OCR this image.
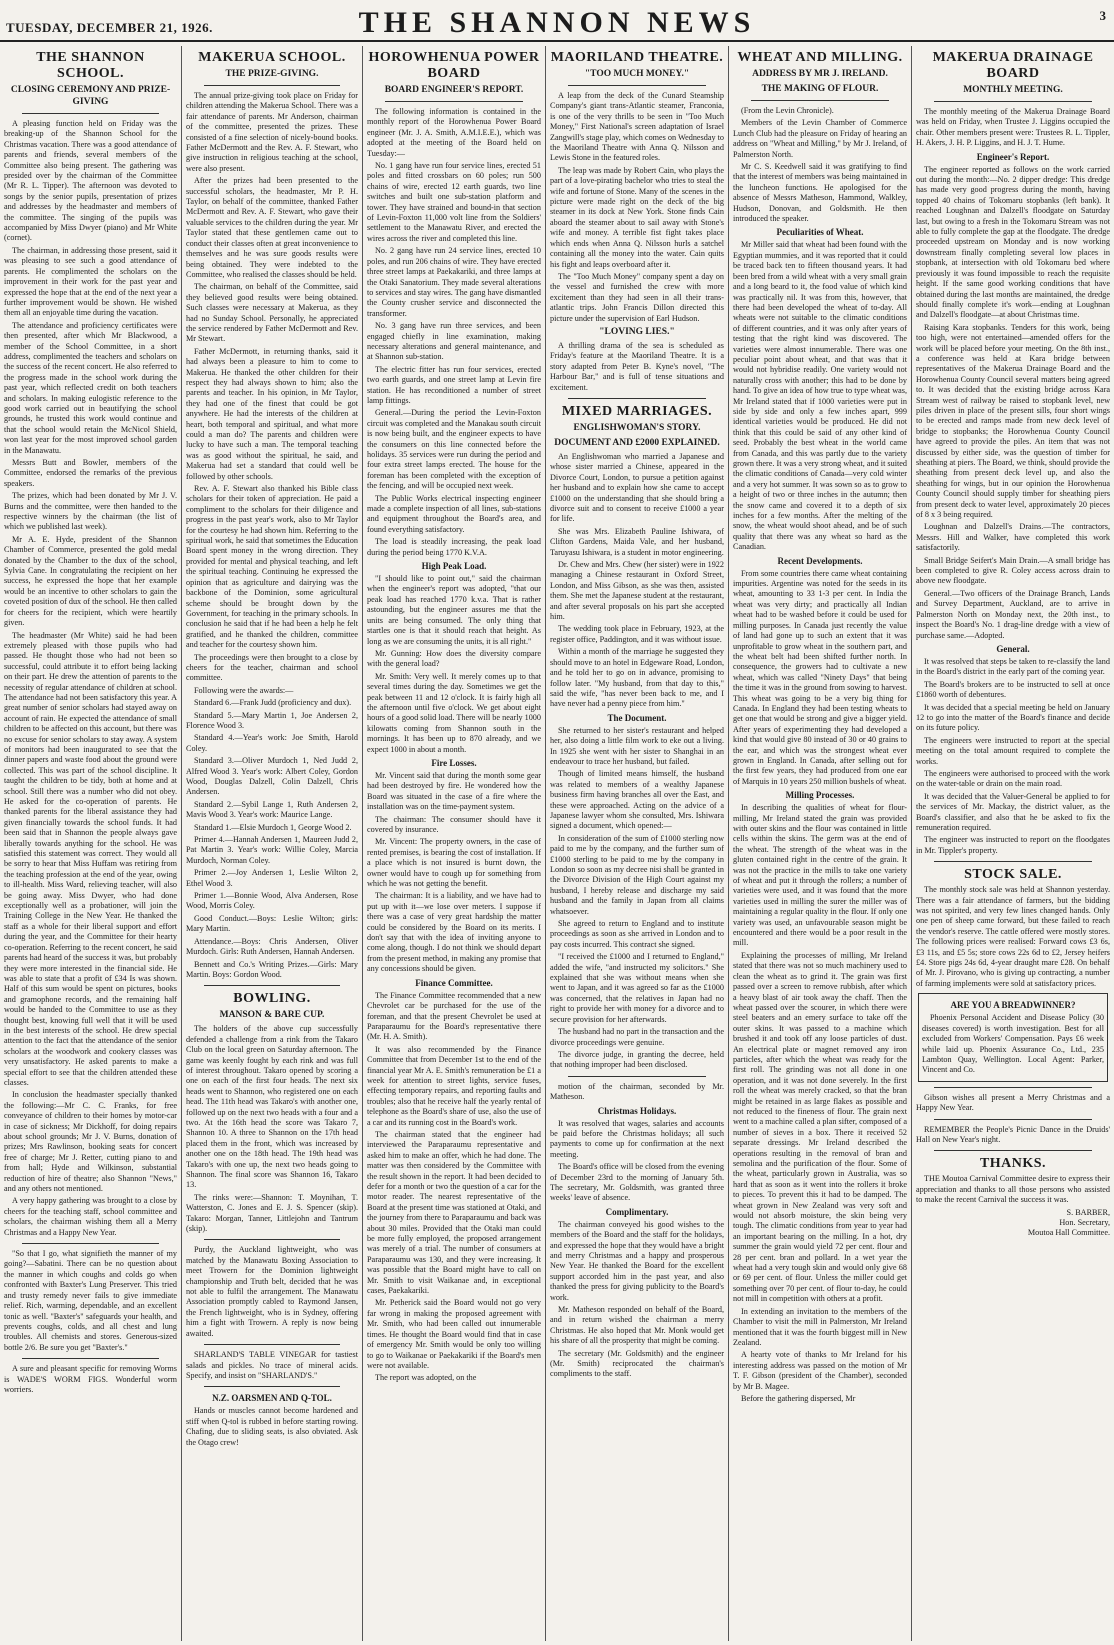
TUESDAY, DECEMBER 21, 1926.	THE SHANNON NEWS	3
THE SHANNON SCHOOL.
CLOSING CEREMONY AND PRIZE-GIVING

A pleasing function held on Friday was the breaking-up of the Shannon School for the Christmas vacation. There was a good attendance of parents and friends, several members of the Committee also being present. The gathering was presided over by the chairman of the Committee (Mr R. L. Tipper). The afternoon was devoted to songs by the senior pupils, presentation of prizes and addresses by the headmaster and members of the committee. The singing of the pupils was accompanied by Miss Dwyer (piano) and Mr White (cornet).

The chairman, in addressing those present, said it was pleasing to see such a good attendance of parents. He complimented the scholars on the improvement in their work for the past year and expressed the hope that at the end of the next year a further improvement would be shown. He wished them all an enjoyable time during the vacation.

The attendance and proficiency certificates were then presented, after which Mr Blackwood, a member of the School Committee, in a short address, complimented the teachers and scholars on the success of the recent concert. He also referred to the progress made in the school work during the past year, which reflected credit on both teachers and scholars. In making eulogistic reference to the good work carried out in beautifying the school grounds, he trusted this work would continue and that the school would retain the McNicol Shield, won last year for the most improved school garden in the Manawatu.

Messrs Butt and Bowler, members of the Committee, endorsed the remarks of the previous speakers.

The prizes, which had been donated by Mr J. V. Burns and the committee, were then handed to the respective winners by the chairman (the list of which we published last week).

Mr A. E. Hyde, president of the Shannon Chamber of Commerce, presented the gold medal donated by the Chamber to the dux of the school, Sylvia Cane. In congratulating the recipient on her success, he expressed the hope that her example would be an incentive to other scholars to gain the coveted position of dux of the school. He then called for cheers for the recipient, which were heartily given.

The headmaster (Mr White) said he had been extremely pleased with those pupils who had passed. He thought those who had not been so successful, could attribute it to effort being lacking on their part. He drew the attention of parents to the necessity of regular attendance of children at school. The attendance had not been satisfactory this year. A great number of senior scholars had stayed away on account of rain. He expected the attendance of small children to be affected on this account, but there was no excuse for senior scholars to stay away. A system of monitors had been inaugurated to see that the dinner papers and waste food about the ground were collected. This was part of the school discipline. It taught the children to be tidy, both at home and at school. Still there was a number who did not obey. He asked for the co-operation of parents. He thanked parents for the liberal assistance they had given financially towards the school funds. It had been said that in Shannon the people always gave liberally towards anything for the school. He was satisfied this statement was correct. They would all be sorry to hear that Miss Huffam was retiring from the teaching profession at the end of the year, owing to ill-health. Miss Ward, relieving teacher, will also be going away. Miss Dwyer, who had done exceptionally well as a probationer, will join the Training College in the New Year. He thanked the staff as a whole for their liberal support and effort during the year, and the Committee for their hearty co-operation. Referring to the recent concert, he said parents had heard of the success it was, but probably they were more interested in the financial side. He was able to state that a profit of £34 Is was shown. Half of this sum would be spent on pictures, books and gramophone records, and the remaining half would be handed to the Committee to use as they thought best, knowing full well that it will be used in the best interests of the school. He drew special attention to the fact that the attendance of the senior scholars at the woodwork and cookery classes was very unsatisfactory. He asked parents to make a special effort to see that the children attended these classes.

In conclusion the headmaster specially thanked the following:—Mr C. C. Franks, for free conveyance of children to their homes by motor-car in case of sickness; Mr Dickhoff, for doing repairs about school grounds; Mr J. V. Burns, donation of prizes; Mrs Rawlinson, booking seats for concert free of charge; Mr J. Retter, cutting piano to and from hall; Hyde and Wilkinson, substantial reduction of hire of theatre; also Shannon "News," and any others not mentioned.

A very happy gathering was brought to a close by cheers for the teaching staff, school committee and scholars, the chairman wishing them all a Merry Christmas and a Happy New Year.

"So that I go, what signifieth the manner of my going?—Sabatini. There can be no question about the manner in which coughs and colds go when confronted with Baxter's Lung Preserver. This tried and trusty remedy never fails to give immediate relief. Rich, warming, dependable, and an excellent tonic as well. "Baxter's" safeguards your health, and prevents coughs, colds, and all chest and lung troubles. All chemists and stores. Generous-sized bottle 2/6. Be sure you get "Baxter's."

A sure and pleasant specific for removing Worms is WADE'S WORM FIGS. Wonderful worm worriers.

MAKERUA SCHOOL.
THE PRIZE-GIVING.

The annual prize-giving took place on Friday for children attending the Makerua School. There was a fair attendance of parents. Mr Anderson, chairman of the committee, presented the prizes. These consisted of a fine selection of nicely-bound books. Father McDermott and the Rev. A. F. Stewart, who give instruction in religious teaching at the school, were also present.

After the prizes had been presented to the successful scholars, the headmaster, Mr P. H. Taylor, on behalf of the committee, thanked Father McDermott and Rev. A. F. Stewart, who gave their valuable services to the children during the year. Mr Taylor stated that these gentlemen came out to conduct their classes often at great inconvenience to themselves and he was sure goods results were being obtained. They were indebted to the Committee, who realised the classes should be held.

The chairman, on behalf of the Committee, said they believed good results were being obtained. Such classes were necessary at Makerua, as they had no Sunday School. Personally, he appreciated the service rendered by Father McDermott and Rev. Mr Stewart.

Father McDermott, in returning thanks, said it had always been a pleasure to him to come to Makerua. He thanked the other children for their respect they had always shown to him; also the parents and teacher. In his opinion, in Mr Taylor, they had one of the finest that could be got anywhere. He had the interests of the children at heart, both temporal and spiritual, and what more could a man do? The parents and children were lucky to have such a man. The temporal teaching was as good without the spiritual, he said, and Makerua had set a standard that could well be followed by other schools.

Rev. A. F. Stewart also thanked his Bible class scholars for their token of appreciation. He paid a compliment to the scholars for their diligence and progress in the past year's work, also to Mr Taylor for the courtesy he had shown him. Referring to the spiritual work, he said that sometimes the Education Board spent money in the wrong direction. They provided for mental and physical teaching, and left the spiritual teaching. Continuing he expressed the opinion that as agriculture and dairying was the backbone of the Dominion, some agricultural scheme should be brought down by the Government, for teaching in the primary schools. In conclusion he said that if he had been a help he felt gratified, and he thanked the children, committee and teacher for the courtesy shown him.

The proceedings were then brought to a close by cheers for the teacher, chairman and school committee.

Following were the awards:—

Standard 6.—Frank Judd (proficiency and dux).

Standard 5.—Mary Martin 1, Joe Andersen 2, Florence Wood 3.

Standard 4.—Year's work: Joe Smith, Harold Coley.

Standard 3.—Oliver Murdoch 1, Ned Judd 2, Alfred Wood 3. Year's work: Albert Coley, Gordon Wood, Douglas Dalzell, Colin Dalzell, Chris Andersen.

Standard 2.—Sybil Lange 1, Ruth Andersen 2, Mavis Wood 3. Year's work: Maurice Lange.

Standard 1.—Elsie Murdoch 1, George Wood 2.

Primer 4.—Hannah Andersen 1, Maureen Judd 2, Pat Martin 3. Year's work: Willie Coley, Marcia Murdoch, Norman Coley.

Primer 2.—Joy Andersen 1, Leslie Wilton 2, Ethel Wood 3.

Primer 1.—Bonnie Wood, Alva Andersen, Rose Wood, Morris Coley.

Good Conduct.—Boys: Leslie Wilton; girls: Mary Martin.

Attendance.—Boys: Chris Andersen, Oliver Murdoch. Girls: Ruth Andersen, Hannah Andersen.

Bennett and Co.'s Writing Prizes.—Girls: Mary Martin. Boys: Gordon Wood.

BOWLING.
MANSON & BARE CUP.

The holders of the above cup successfully defended a challenge from a rink from the Takaro Club on the local green on Saturday afternoon. The game was keenly fought by each rink and was full of interest throughout. Takaro opened by scoring a one on each of the first four heads. The next six heads went to Shannon, who registered one on each head. The 11th head was Takaro's with another one, followed up on the next two heads with a four and a two. At the 16th head the score was Takaro 7, Shannon 10. A three to Shannon on the 17th head placed them in the front, which was increased by another one on the 18th head. The 19th head was Takaro's with one up, the next two heads going to Shannon. The final score was Shannon 16, Takaro 13.

The rinks were:—Shannon: T. Moynihan, T. Watterston, C. Jones and E. J. S. Spencer (skip). Takaro: Morgan, Tanner, Littlejohn and Tantrum (skip).

Purdy, the Auckland lightweight, who was matched by the Manawatu Boxing Association to meet Trowern for the Dominion lightweight championship and Truth belt, decided that he was not able to fulfil the arrangement. The Manawatu Association promptly cabled to Raymond Jansen, the French lightweight, who is in Sydney, offering him a fight with Trowern. A reply is now being awaited.

SHARLAND'S TABLE VINEGAR for tastiest salads and pickles. No trace of mineral acids. Specify, and insist on "SHARLAND'S."

N.Z. OARSMEN AND Q-TOL.

Hands or muscles cannot become hardened and stiff when Q-tol is rubbed in before starting rowing. Chafing, due to sliding seats, is also obviated. Ask the Otago crew!

HOROWHENUA POWER BOARD
BOARD ENGINEER'S REPORT.

The following information is contained in the monthly report of the Horowhenua Power Board engineer (Mr. J. A. Smith, A.M.I.E.E.), which was adopted at the meeting of the Board held on Tuesday:—

No. 1 gang have run four service lines, erected 51 poles and fitted crossbars on 60 poles; run 500 chains of wire, erected 12 earth guards, two line switches and built one sub-station platform and tower. They have strained and bound-in that section of Levin-Foxton 11,000 volt line from the Soldiers' settlement to the Manawatu River, and erected the wires across the river and completed this line.

No. 2 gang have run 24 service lines, erected 10 poles, and run 206 chains of wire. They have erected three street lamps at Paekakariki, and three lamps at the Otaki Sanatorium. They made several alterations to services and stay wires. The gang have dismantled the County crusher service and disconnected the transformer.

No. 3 gang have run three services, and been engaged chiefly in line examination, making necessary alterations and general maintenance, and at Shannon sub-station.

The electric fitter has run four services, erected two earth guards, and one street lamp at Levin fire station. He has reconditioned a number of street lamp fittings.

General.—During the period the Levin-Foxton circuit was completed and the Manakau south circuit is now being built, and the engineer expects to have the consumers on this line connected before the holidays. 35 services were run during the period and four extra street lamps erected. The house for the foreman has been completed with the exception of the fencing, and will be occupied next week.

The Public Works electrical inspecting engineer made a complete inspection of all lines, sub-stations and equipment throughout the Board's area, and found everything satisfactory.

The load is steadily increasing, the peak load during the period being 1770 K.V.A.

High Peak Load.

"I should like to point out," said the chairman when the engineer's report was adopted, "that our peak load has reached 1770 k.v.a. That is rather astounding, but the engineer assures me that the units are being consumed. The only thing that startles one is that it should reach that height. As long as we are consuming the units, it is all right."

Mr. Gunning: How does the diversity compare with the general load?

Mr. Smith: Very well. It merely comes up to that several times during the day. Sometimes we get the peak between 11 and 12 o'clock. It is fairly high all the afternoon until five o'clock. We get about eight hours of a good solid load. There will be nearly 1000 kilowatts coming from Shannon south in the mornings. It has been up to 870 already, and we expect 1000 in about a month.

Fire Losses.

Mr. Vincent said that during the month some gear had been destroyed by fire. He wondered how the Board was situated in the case of a fire where the installation was on the time-payment system.

The chairman: The consumer should have it covered by insurance.

Mr. Vincent: The property owners, in the case of rented premises, is bearing the cost of installation. If a place which is not insured is burnt down, the owner would have to cough up for something from which he was not getting the benefit.

The chairman: It is a liability, and we have had to put up with it—we lose over meters. I suppose if there was a case of very great hardship the matter could be considered by the Board on its merits. I don't say that with the idea of inviting anyone to come along, though. I do not think we should depart from the present method, in making any promise that any concessions should be given.

Finance Committee.

The Finance Committee recommended that a new Chevrolet car be purchased for the use of the foreman, and that the present Chevrolet be used at Paraparaumu for the Board's representative there (Mr. H. A. Smith).

It was also recommended by the Finance Committee that from December 1st to the end of the financial year Mr A. E. Smith's remuneration be £1 a week for attention to street lights, service fuses, effecting temporary repairs, and reporting faults and troubles; also that he receive half the yearly rental of telephone as the Board's share of use, also the use of a car and its running cost in the Board's work.

The chairman stated that the engineer had interviewed the Paraparaumu representative and asked him to make an offer, which he had done. The matter was then considered by the Committee with the result shown in the report. It had been decided to defer for a month or two the question of a car for the motor reader. The nearest representative of the Board at the present time was stationed at Otaki, and the journey from there to Paraparaumu and back was about 30 miles. Provided that the Otaki man could be more fully employed, the proposed arrangement was merely of a trial. The number of consumers at Paraparaumu was 130, and they were increasing. It was possible that the Board might have to call on Mr. Smith to visit Waikanae and, in exceptional cases, Paekakariki.

Mr. Petherick said the Board would not go very far wrong in making the proposed agreement with Mr. Smith, who had been called out innumerable times. He thought the Board would find that in case of emergency Mr. Smith would be only too willing to go to Waikanae or Paekakariki if the Board's men were not available.

The report was adopted, on the

MAORILAND THEATRE.
"TOO MUCH MONEY."

A leap from the deck of the Cunard Steamship Company's giant trans-Atlantic steamer, Franconia, is one of the very thrills to be seen in "Too Much Money," First National's screen adaptation of Israel Zangwill's stage play, which comes on Wednesday to the Maoriland Theatre with Anna Q. Nilsson and Lewis Stone in the featured roles.

The leap was made by Robert Cain, who plays the part of a love-pirating bachelor who tries to steal the wife and fortune of Stone. Many of the scenes in the picture were made right on the deck of the big steamer in its dock at New York. Stone finds Cain aboard the steamer about to sail away with Stone's wife and money. A terrible fist fight takes place which ends when Anna Q. Nilsson hurls a satchel containing all the money into the water. Cain quits his fight and leaps overboard after it.

The "Too Much Money" company spent a day on the vessel and furnished the crew with more excitement than they had seen in all their trans-atlantic trips. John Francis Dillon directed this picture under the supervision of Earl Hudson.

"LOVING LIES."

A thrilling drama of the sea is scheduled as Friday's feature at the Maoriland Theatre. It is a story adapted from Peter B. Kyne's novel, "The Harbour Bar," and is full of tense situations and excitement.

MIXED MARRIAGES.
ENGLISHWOMAN'S STORY.
DOCUMENT AND £2000 EXPLAINED.

An Englishwoman who married a Japanese and whose sister married a Chinese, appeared in the Divorce Court, London, to pursue a petition against her husband and to explain how she came to accept £1000 on the understanding that she should bring a divorce suit and to consent to receive £1000 a year for life.

She was Mrs. Elizabeth Pauline Ishiwara, of Clifton Gardens, Maida Vale, and her husband, Taruyasu Ishiwara, is a student in motor engineering.

Dr. Chew and Mrs. Chew (her sister) were in 1922 managing a Chinese restaurant in Oxford Street, London, and Miss Gibson, as she was then, assisted them. She met the Japanese student at the restaurant, and after several proposals on his part she accepted him.

The wedding took place in February, 1923, at the register office, Paddington, and it was without issue.

Within a month of the marriage he suggested they should move to an hotel in Edgeware Road, London, and he told her to go on in advance, promising to follow later. "My husband, from that day to this," said the wife, "has never been back to me, and I have never had a penny piece from him."

The Document.

She returned to her sister's restaurant and helped her, also doing a little film work to eke out a living. In 1925 she went with her sister to Shanghai in an endeavour to trace her husband, but failed.

Though of limited means himself, the husband was related to members of a wealthy Japanese business firm having branches all over the East, and these were approached. Acting on the advice of a Japanese lawyer whom she consulted, Mrs. Ishiwara signed a document, which opened:—

In consideration of the sum of £1000 sterling now paid to me by the company, and the further sum of £1000 sterling to be paid to me by the company in London so soon as my decree nisi shall be granted in the Divorce Division of the High Court against my husband, I hereby release and discharge my said husband and the family in Japan from all claims whatsoever.

She agreed to return to England and to institute proceedings as soon as she arrived in London and to pay costs incurred. This contract she signed.

"I received the £1000 and I returned to England," added the wife, "and instructed my solicitors." She explained that she was without means when she went to Japan, and it was agreed so far as the £1000 was concerned, that the relatives in Japan had no right to provide her with money for a divorce and to secure provision for her afterwards.

The husband had no part in the transaction and the divorce proceedings were genuine.

The divorce judge, in granting the decree, held that nothing improper had been disclosed.

motion of the chairman, seconded by Mr. Matheson.

Christmas Holidays.

It was resolved that wages, salaries and accounts be paid before the Christmas holidays; all such payments to come up for confirmation at the next meeting.

The Board's office will be closed from the evening of December 23rd to the morning of January 5th. The secretary, Mr. Goldsmith, was granted three weeks' leave of absence.

Complimentary.

The chairman conveyed his good wishes to the members of the Board and the staff for the holidays, and expressed the hope that they would have a bright and merry Christmas and a happy and prosperous New Year. He thanked the Board for the excellent support accorded him in the past year, and also thanked the press for giving publicity to the Board's work.

Mr. Matheson responded on behalf of the Board, and in return wished the chairman a merry Christmas. He also hoped that Mr. Monk would get his share of all the prosperity that might be coming.

The secretary (Mr. Goldsmith) and the engineer (Mr. Smith) reciprocated the chairman's compliments to the staff.

WHEAT AND MILLING.
ADDRESS BY MR J. IRELAND.
THE MAKING OF FLOUR.

(From the Levin Chronicle).

Members of the Levin Chamber of Commerce Lunch Club had the pleasure on Friday of hearing an address on "Wheat and Milling," by Mr J. Ireland, of Palmerston North.

Mr C. S. Keedwell said it was gratifying to find that the interest of members was being maintained in the luncheon functions. He apologised for the absence of Messrs Matheson, Hammond, Walkley, Hudson, Donovan, and Goldsmith. He then introduced the speaker.

Peculiarities of Wheat.

Mr Miller said that wheat had been found with the Egyptian mummies, and it was reported that it could be traced back ten to fifteen thousand years. It had been bred from a wild wheat with a very small grain and a long beard to it, the food value of which kind was practically nil. It was from this, however, that there had been developed the wheat of to-day. All wheats were not suitable to the climatic conditions of different countries, and it was only after years of testing that the right kind was discovered. The varieties were almost innumerable. There was one peculiar point about wheat, and that was that it would not hybridise readily. One variety would not naturally cross with another; this had to be done by hand. To give an idea of how true to type wheat was, Mr Ireland stated that if 1000 varieties were put in side by side and only a few inches apart, 999 identical varieties would be produced. He did not think that this could be said of any other kind of seed. Probably the best wheat in the world came from Canada, and this was partly due to the variety grown there. It was a very strong wheat, and it suited the climatic conditions of Canada—very cold winter and a very hot summer. It was sown so as to grow to a height of two or three inches in the autumn; then the snow came and covered it to a depth of six inches for a few months. After the melting of the snow, the wheat would shoot ahead, and be of such quality that there was any wheat so hard as the Canadian.

Recent Developments.

From some countries there came wheat containing impurities. Argentine was noted for the seeds in its wheat, amounting to 33 1-3 per cent. In India the wheat was very dirty; and practically all Indian wheat had to be washed before it could be used for milling purposes. In Canada just recently the value of land had gone up to such an extent that it was unprofitable to grow wheat in the southern part, and the wheat belt had been shifted further north. In consequence, the growers had to cultivate a new wheat, which was called "Ninety Days" that being the time it was in the ground from sowing to harvest. This wheat was going to be a very big thing for Canada. In England they had been testing wheats to get one that would be strong and give a bigger yield. After years of experimenting they had developed a kind that would give 80 instead of 30 or 40 grains to the ear, and which was the strongest wheat ever grown in England. In Canada, after selling out for the first few years, they had produced from one ear of Marquis in 10 years 250 million bushels of wheat.

Milling Processes.

In describing the qualities of wheat for flour-milling, Mr Ireland stated the grain was provided with outer skins and the flour was contained in little cells within the skins. The germ was at the end of the wheat. The strength of the wheat was in the gluten contained right in the centre of the grain. It was not the practice in the mills to take one variety of wheat and put it through the rollers; a number of varieties were used, and it was found that the more varieties used in milling the surer the miller was of maintaining a regular quality in the flour. If only one variety was used, an unfavourable season might be encountered and there would be a poor result in the mill.

Explaining the processes of milling, Mr Ireland stated that there was not so much machinery used to clean the wheat as to grind it. The grain was first passed over a screen to remove rubbish, after which a heavy blast of air took away the chaff. Then the wheat passed over the scourer, in which there were steel beaters and an emery surface to take off the outer skins. It was passed to a machine which brushed it and took off any loose particles of dust. An electrical plate or magnet removed any iron particles, after which the wheat was ready for the first roll. The grinding was not all done in one operation, and it was not done severely. In the first roll the wheat was merely cracked, so that the bran might be retained in as large flakes as possible and not reduced to the fineness of flour. The grain next went to a machine called a plan sifter, composed of a number of sieves in a box. There it received 52 separate dressings. Mr Ireland described the operations resulting in the removal of bran and semolina and the purification of the flour. Some of the wheat, particularly grown in Australia, was so hard that as soon as it went into the rollers it broke to pieces. To prevent this it had to be damped. The wheat grown in New Zealand was very soft and would not absorb moisture, the skin being very tough. The climatic conditions from year to year had an important bearing on the milling. In a hot, dry summer the grain would yield 72 per cent. flour and 28 per cent. bran and pollard. In a wet year the wheat had a very tough skin and would only give 68 or 69 per cent. of flour. Unless the miller could get something over 70 per cent. of flour to-day, he could not mill in competition with others at a profit.

In extending an invitation to the members of the Chamber to visit the mill in Palmerston, Mr Ireland mentioned that it was the fourth biggest mill in New Zealand.

A hearty vote of thanks to Mr Ireland for his interesting address was passed on the motion of Mr T. F. Gibson (president of the Chamber), seconded by Mr B. Magee.

Before the gathering dispersed, Mr

MAKERUA DRAINAGE BOARD
MONTHLY MEETING.

The monthly meeting of the Makerua Drainage Board was held on Friday, when Trustee J. Liggins occupied the chair. Other members present were: Trustees R. L. Tippler, H. Akers, J. H. P. Liggins, and H. J. T. Hume.

Engineer's Report.

The engineer reported as follows on the work carried out during the month:—No. 2 dipper dredge: This dredge has made very good progress during the month, having topped 40 chains of Tokomaru stopbanks (left bank). It reached Loughnan and Dalzell's floodgate on Saturday last, but owing to a fresh in the Tokomaru Stream was not able to fully complete the gap at the floodgate. The dredge proceeded upstream on Monday and is now working downstream finally completing several low places in stopbank, at intersection with old Tokomaru bed where previously it was found impossible to reach the requisite height. If the same good working conditions that have obtained during the last months are maintained, the dredge should finally complete it's work—ending at Loughnan and Dalzell's floodgate—at about Christmas time.

Raising Kara stopbanks. Tenders for this work, being too high, were not entertained—amended offers for the work will be placed before your meeting. On the 8th inst., a conference was held at Kara bridge between representatives of the Makerua Drainage Board and the Horowhenua County Council several matters being agreed to. It was decided that the existing bridge across Kara Stream west of railway be raised to stopbank level, new piles driven in place of the present sills, four short wings to be erected and ramps made from new deck level of bridge to stopbanks; the Horowhenua County Council have agreed to provide the piles. An item that was not discussed by either side, was the question of timber for sheathing at piers. The Board, we think, should provide the sheathing from present deck level up, and also the sheathing for wings, but in our opinion the Horowhenua County Council should supply timber for sheathing piers from present deck to water level, approximately 20 pieces of 8 x 3 being required.

Loughnan and Dalzell's Drains.—The contractors, Messrs. Hill and Walker, have completed this work satisfactorily.

Small Bridge Seifert's Main Drain.—A small bridge has been completed to give R. Coley access across drain to above new floodgate.

General.—Two officers of the Drainage Branch, Lands and Survey Department, Auckland, are to arrive in Palmerston North on Monday next, the 20th inst., to inspect the Board's No. 1 drag-line dredge with a view of purchase same.—Adopted.

General.

It was resolved that steps be taken to re-classify the land in the Board's district in the early part of the coming year.

The Board's brokers are to be instructed to sell at once £1860 worth of debentures.

It was decided that a special meeting be held on January 12 to go into the matter of the Board's finance and decide on its future policy.

The engineers were instructed to report at the special meeting on the total amount required to complete the works.

The engineers were authorised to proceed with the work on the water-table or drain on the main road.

It was decided that the Valuer-General be applied to for the services of Mr. Mackay, the district valuer, as the Board's classifier, and also that he be asked to fix the remuneration required.

The engineer was instructed to report on the floodgates in Mr. Tippler's property.

STOCK SALE.

The monthly stock sale was held at Shannon yesterday. There was a fair attendance of farmers, but the bidding was not spirited, and very few lines changed hands. Only one pen of sheep came forward, but these failed to reach the vendor's reserve. The cattle offered were mostly stores. The following prices were realised: Forward cows £3 6s, £3 11s, and £5 5s; store cows 22s 6d to £2, Jersey heifers £4. Store pigs 24s 6d, 4-year draught mare £28. On behalf of Mr. J. Pirovano, who is giving up contracting, a number of farming implements were sold at satisfactory prices.

ARE YOU A BREADWINNER?

Phoenix Personal Accident and Disease Policy (30 diseases covered) is worth investigation. Best for all excluded from Workers' Compensation. Pays £6 week while laid up. Phoenix Assurance Co., Ltd., 235 Lambton Quay, Wellington. Local Agent: Parker, Vincent and Co.

Gibson wishes all present a Merry Christmas and a Happy New Year.

REMEMBER the People's Picnic Dance in the Druids' Hall on New Year's night.

THANKS.

THE Moutoa Carnival Committee desire to express their appreciation and thanks to all those persons who assisted to make the recent Carnival the success it was.

S. BARBER,

Hon. Secretary,

Moutoa Hall Committee.
